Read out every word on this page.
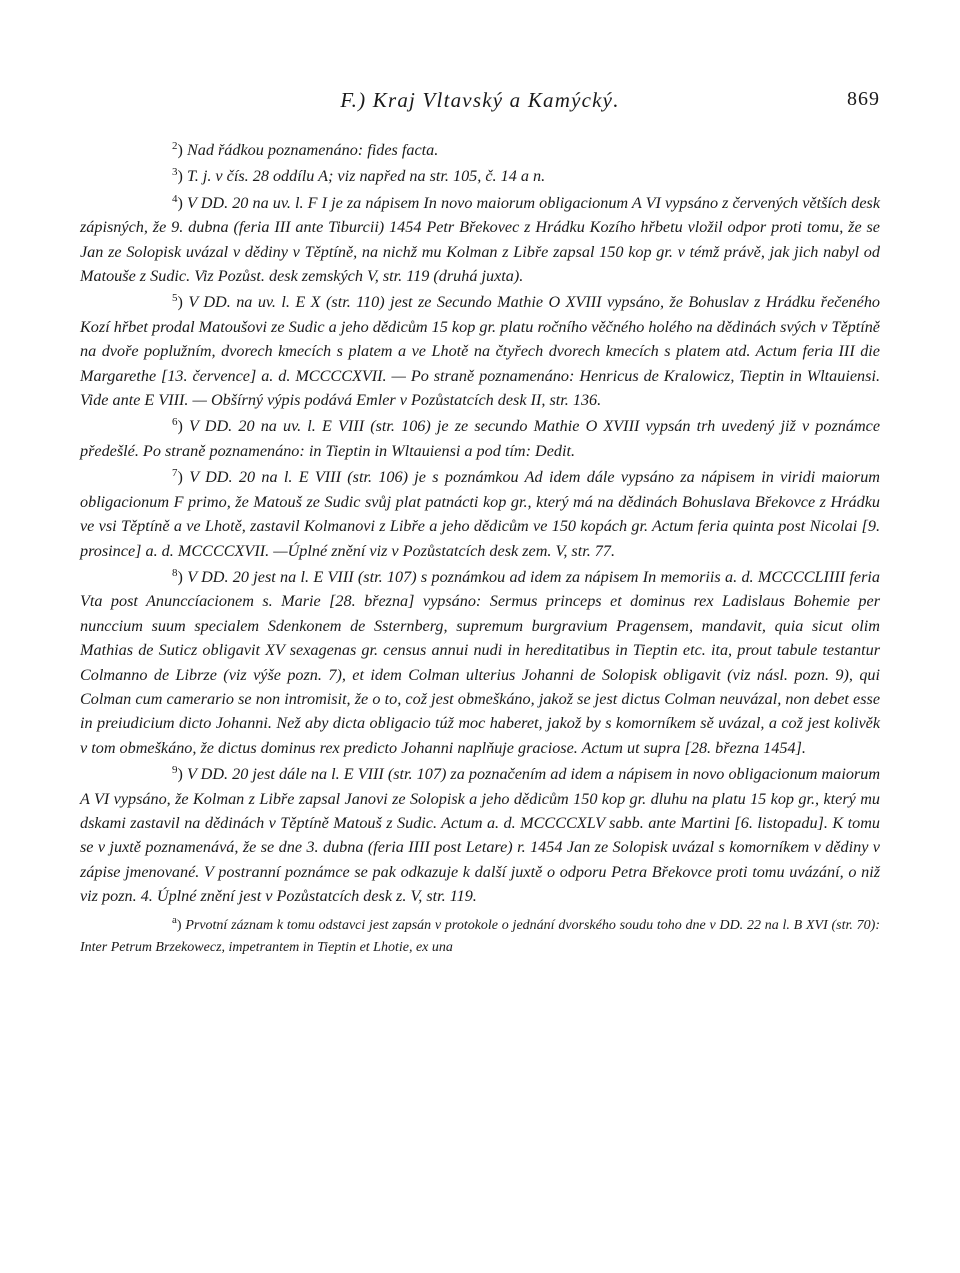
F.) Kraj Vltavský a Kamýcký.	869

$^2$) Nad řádkou poznamenáno: fides facta.

$^3$) T. j. v čís. 28 oddílu A; viz napřed na str. 105, č. 14 a n.

$^4$) V DD. 20 na uv. l. F I je za nápisem In novo maiorum obligacionum A VI vypsáno z červených větších desk zápisných, že 9. dubna (feria III ante Tiburcii) 1454 Petr Břekovec z Hrádku Kozího hřbetu vložil odpor proti tomu, že se Jan ze Solopisk uvázal v dědiny v Těptíně, na nichž mu Kolman z Libře zapsal 150 kop gr. v témž právě, jak jich nabyl od Matouše z Sudic. Viz Pozůst. desk zemských V, str. 119 (druhá juxta).

$^5$) V DD. na uv. l. E X (str. 110) jest ze Secundo Mathie O XVIII vypsáno, že Bohuslav z Hrádku řečeného Kozí hřbet prodal Matoušovi ze Sudic a jeho dědicům 15 kop gr. platu ročního věčného holého na dědinách svých v Těptíně na dvoře poplužním, dvorech kmecích s platem a ve Lhotě na čtyřech dvorech kmecích s platem atd. Actum feria III die Margarethe [13. července] a. d. MCCCCXVII. — Po straně poznamenáno: Henricus de Kralowicz, Tieptin in Wltauiensi. Vide ante E VIII. — Obšírný výpis podává Emler v Pozůstatcích desk II, str. 136.

$^6$) V DD. 20 na uv. l. E VIII (str. 106) je ze secundo Mathie O XVIII vypsán trh uvedený již v poznámce předešlé. Po straně poznamenáno: in Tieptin in Wltauiensi a pod tím: Dedit.

$^7$) V DD. 20 na l. E VIII (str. 106) je s poznámkou Ad idem dále vypsáno za nápisem in viridi maiorum obligacionum F primo, že Matouš ze Sudic svůj plat patnácti kop gr., který má na dědinách Bohuslava Břekovce z Hrádku ve vsi Těptíně a ve Lhotě, zastavil Kolmanovi z Libře a jeho dědicům ve 150 kopách gr. Actum feria quinta post Nicolai [9. prosince] a. d. MCCCCXVII. —Úplné znění viz v Pozůstatcích desk zem. V, str. 77.

$^8$) V DD. 20 jest na l. E VIII (str. 107) s poznámkou ad idem za nápisem In memoriis a. d. MCCCCLIIII feria Vta post Anunccíacionem s. Marie [28. března] vypsáno: Sermus princeps et dominus rex Ladislaus Bohemie per nunccium suum specialem Sdenkonem de Ssternberg, supremum burgravium Pragensem, mandavit, quia sicut olim Mathias de Suticz obligavit XV sexagenas gr. census annui nudi in hereditatibus in Tieptin etc. ita, prout tabule testantur Colmanno de Librze (viz výše pozn. 7), et idem Colman ulterius Johanni de Solopisk obligavit (viz násl. pozn. 9), qui Colman cum camerario se non intromisit, že o to, což jest obmeškáno, jakož se jest dictus Colman neuvázal, non debet esse in preiudicium dicto Johanni. Než aby dicta obligacio túž moc haberet, jakož by s komorníkem sě uvázal, a což jest kolivěk v tom obmeškáno, že dictus dominus rex predicto Johanni naplňuje graciose. Actum ut supra [28. března 1454].

$^9$) V DD. 20 jest dále na l. E VIII (str. 107) za poznačením ad idem a nápisem in novo obligacionum maiorum A VI vypsáno, že Kolman z Libře zapsal Janovi ze Solopisk a jeho dědicům 150 kop gr. dluhu na platu 15 kop gr., který mu dskami zastavil na dědinách v Těptíně Matouš z Sudic. Actum a. d. MCCCCXLV sabb. ante Martini [6. listopadu]. K tomu se v juxtě poznamenává, že se dne 3. dubna (feria IIII post Letare) r. 1454 Jan ze Solopisk uvázal s komorníkem v dědiny v zápise jmenované. V postranní poznámce se pak odkazuje k další juxtě o odporu Petra Břekovce proti tomu uvázání, o niž viz pozn. 4. Úplné znění jest v Pozůstatcích desk z. V, str. 119.

$^a$) Prvotní záznam k tomu odstavci jest zapsán v protokole o jednání dvorského soudu toho dne v DD. 22 na l. B XVI (str. 70): Inter Petrum Brzekowecz, impetrantem in Tieptin et Lhotie, ex una
